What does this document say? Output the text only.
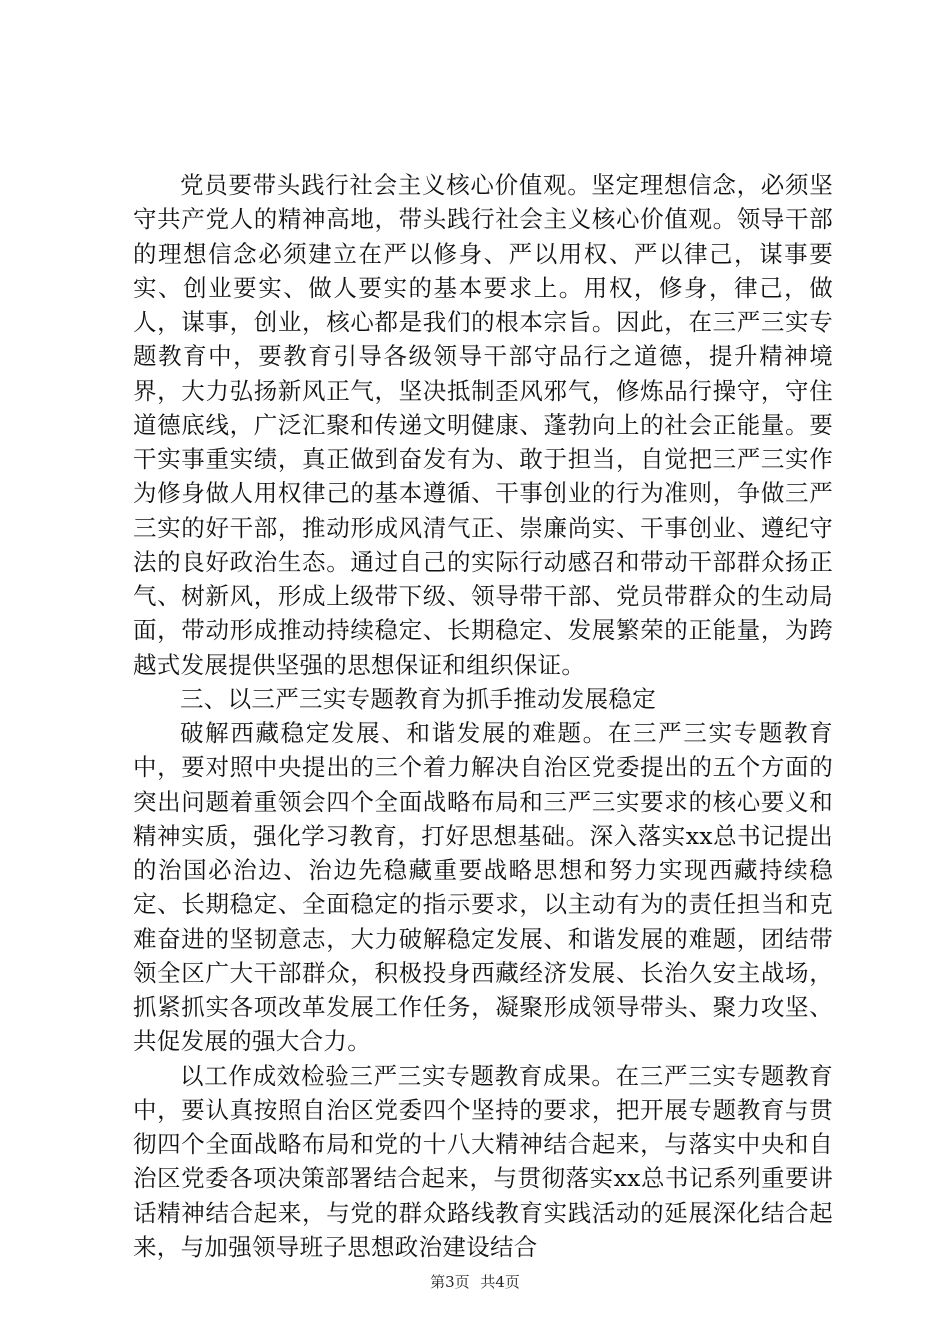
党员要带头践行社会主义核心价值观。坚定理想信念，必须坚守共产党人的精神高地，带头践行社会主义核心价值观。领导干部的理想信念必须建立在严以修身、严以用权、严以律己，谋事要实、创业要实、做人要实的基本要求上。用权，修身，律己，做人，谋事，创业，核心都是我们的根本宗旨。因此，在三严三实专题教育中，要教育引导各级领导干部守品行之道德，提升精神境界，大力弘扬新风正气，坚决抵制歪风邪气，修炼品行操守，守住道德底线，广泛汇聚和传递文明健康、蓬勃向上的社会正能量。要干实事重实绩，真正做到奋发有为、敢于担当，自觉把三严三实作为修身做人用权律己的基本遵循、干事创业的行为准则，争做三严三实的好干部，推动形成风清气正、崇廉尚实、干事创业、遵纪守法的良好政治生态。通过自己的实际行动感召和带动干部群众扬正气、树新风，形成上级带下级、领导带干部、党员带群众的生动局面，带动形成推动持续稳定、长期稳定、发展繁荣的正能量，为跨越式发展提供坚强的思想保证和组织保证。

三、以三严三实专题教育为抓手推动发展稳定

破解西藏稳定发展、和谐发展的难题。在三严三实专题教育中，要对照中央提出的三个着力解决自治区党委提出的五个方面的突出问题着重领会四个全面战略布局和三严三实要求的核心要义和精神实质，强化学习教育，打好思想基础。深入落实xx总书记提出的治国必治边、治边先稳藏重要战略思想和努力实现西藏持续稳定、长期稳定、全面稳定的指示要求，以主动有为的责任担当和克难奋进的坚韧意志，大力破解稳定发展、和谐发展的难题，团结带领全区广大干部群众，积极投身西藏经济发展、长治久安主战场，抓紧抓实各项改革发展工作任务，凝聚形成领导带头、聚力攻坚、共促发展的强大合力。

以工作成效检验三严三实专题教育成果。在三严三实专题教育中，要认真按照自治区党委四个坚持的要求，把开展专题教育与贯彻四个全面战略布局和党的十八大精神结合起来，与落实中央和自治区党委各项决策部署结合起来，与贯彻落实xx总书记系列重要讲话精神结合起来，与党的群众路线教育实践活动的延展深化结合起来，与加强领导班子思想政治建设结合

第3页 共4页
